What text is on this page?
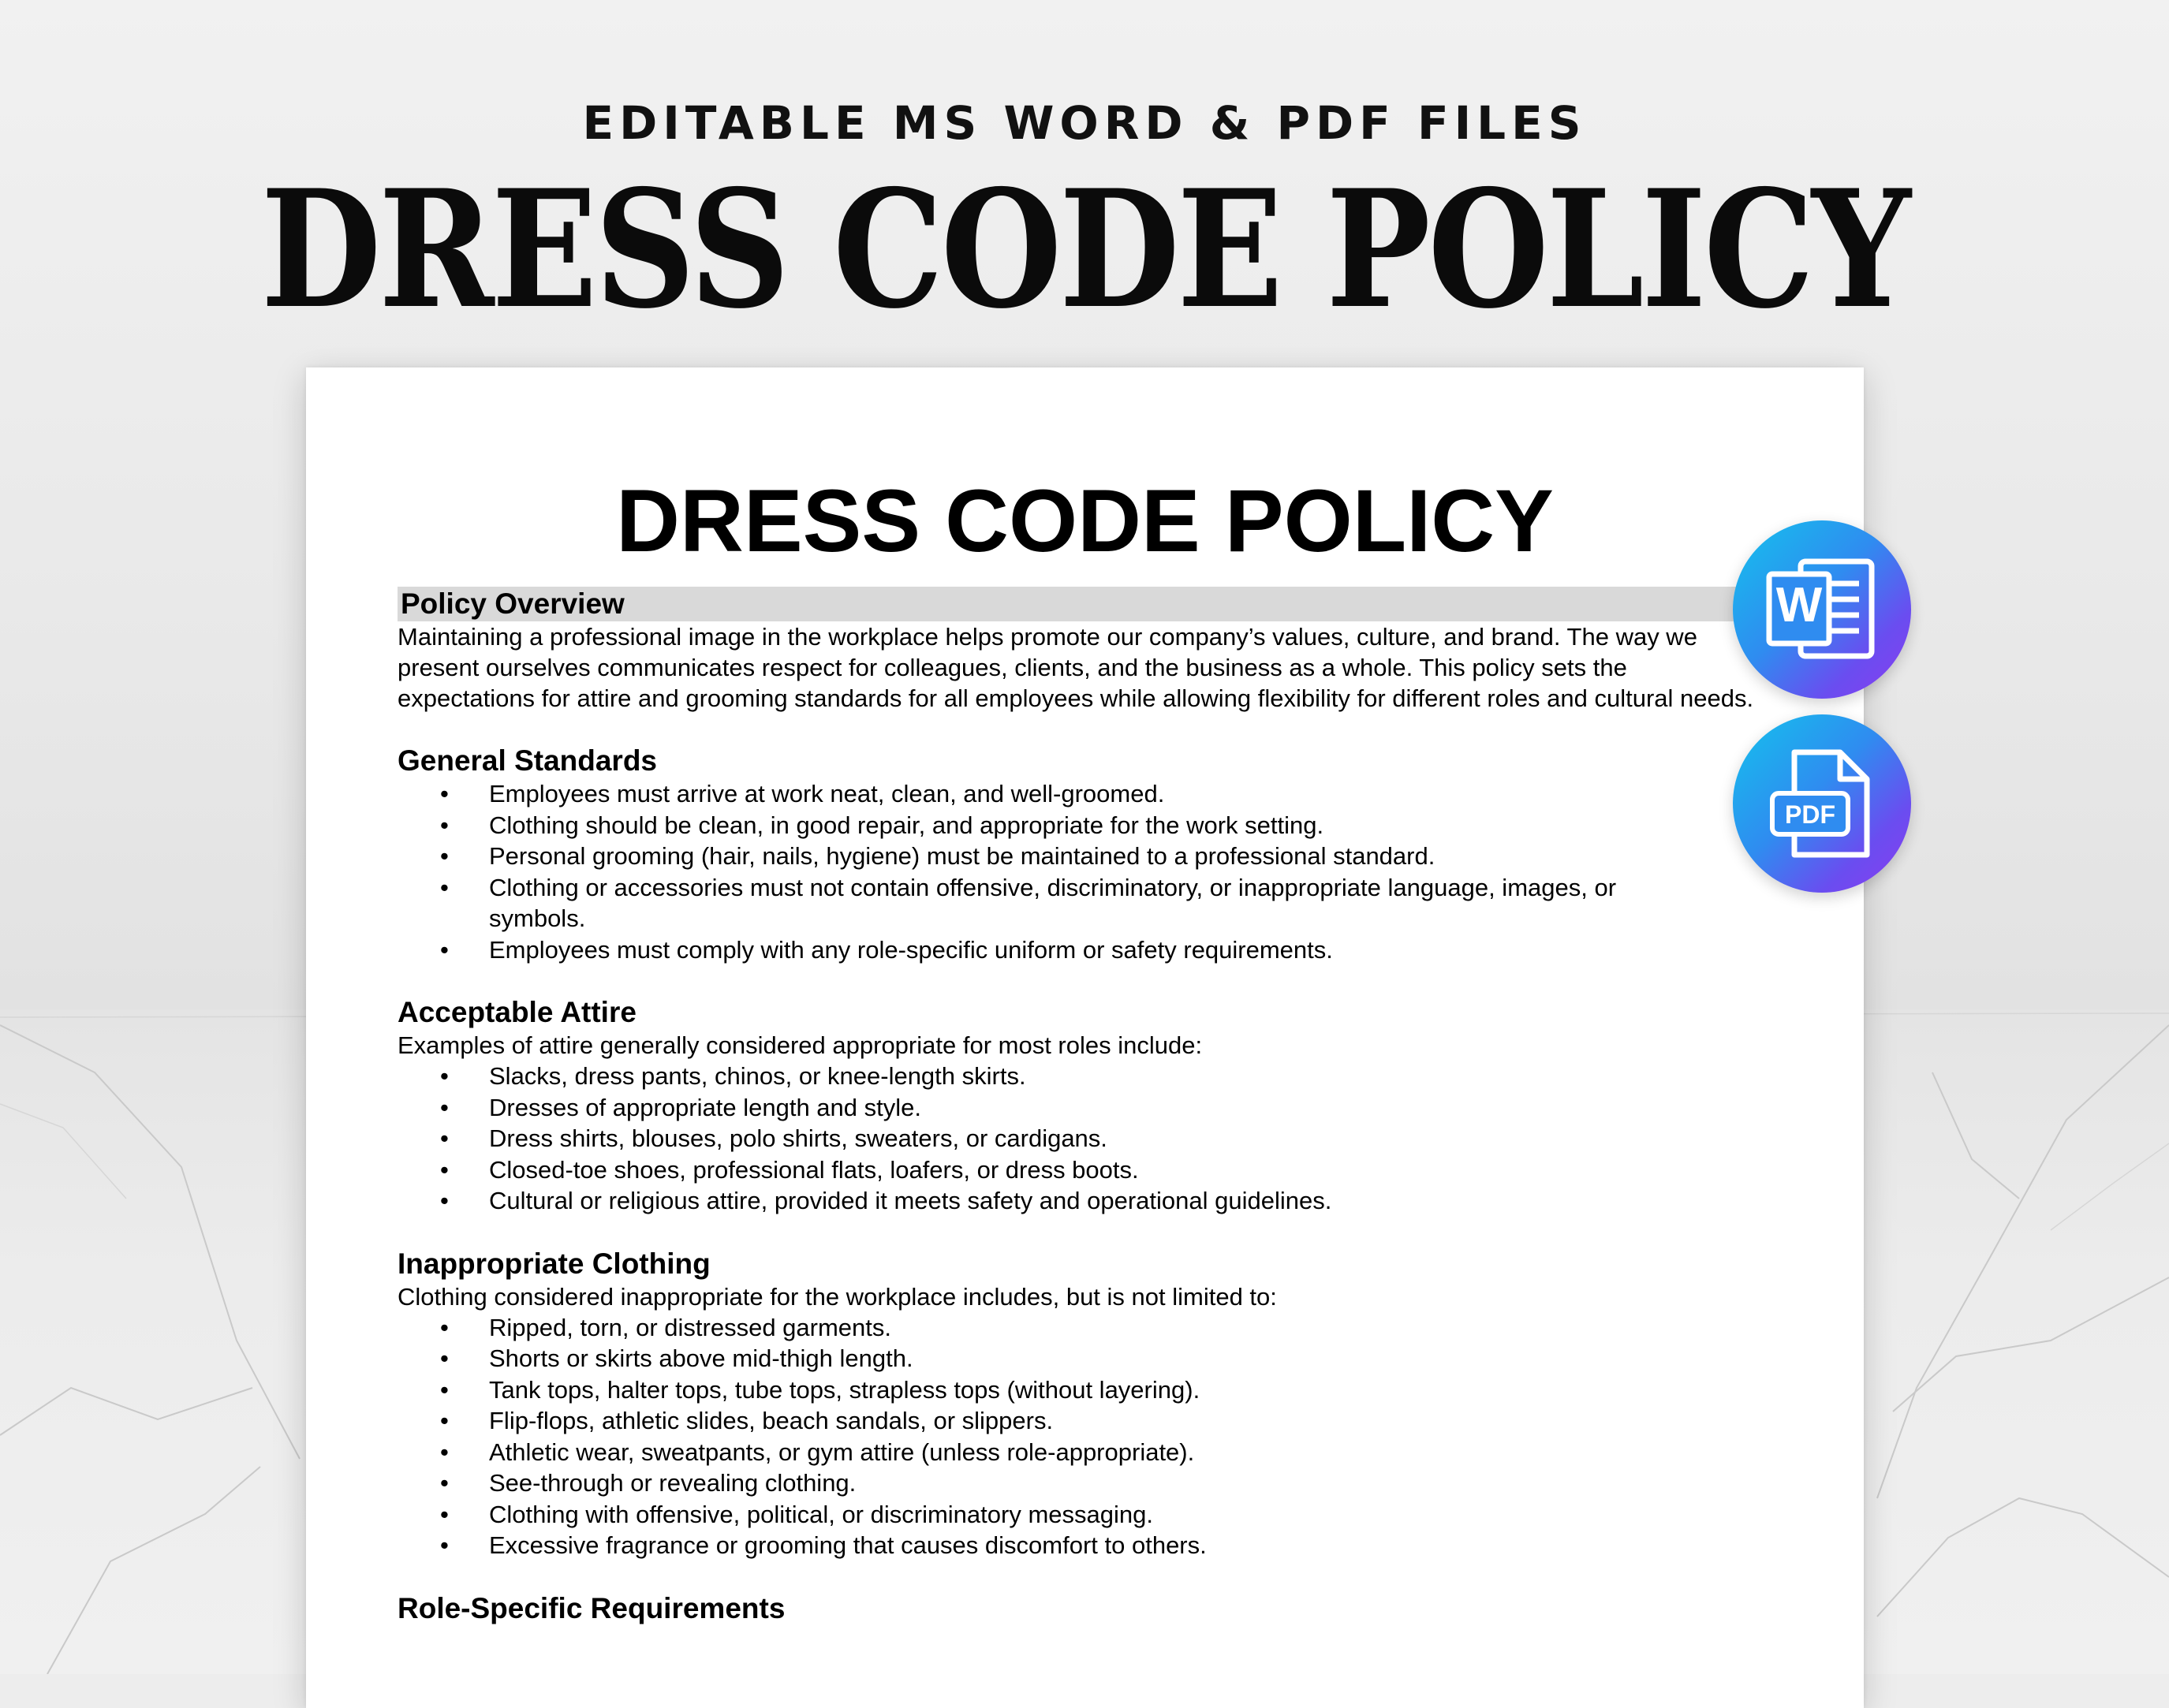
EDITABLE MS WORD & PDF FILES
DRESS CODE POLICY
DRESS CODE POLICY
Policy Overview
Maintaining a professional image in the workplace helps promote our company’s values, culture, and brand. The way we present ourselves communicates respect for colleagues, clients, and the business as a whole. This policy sets the expectations for attire and grooming standards for all employees while allowing flexibility for different roles and cultural needs.
General Standards
• Employees must arrive at work neat, clean, and well-groomed.
• Clothing should be clean, in good repair, and appropriate for the work setting.
• Personal grooming (hair, nails, hygiene) must be maintained to a professional standard.
• Clothing or accessories must not contain offensive, discriminatory, or inappropriate language, images, or symbols.
• Employees must comply with any role-specific uniform or safety requirements.
Acceptable Attire
Examples of attire generally considered appropriate for most roles include:
• Slacks, dress pants, chinos, or knee-length skirts.
• Dresses of appropriate length and style.
• Dress shirts, blouses, polo shirts, sweaters, or cardigans.
• Closed-toe shoes, professional flats, loafers, or dress boots.
• Cultural or religious attire, provided it meets safety and operational guidelines.
Inappropriate Clothing
Clothing considered inappropriate for the workplace includes, but is not limited to:
• Ripped, torn, or distressed garments.
• Shorts or skirts above mid-thigh length.
• Tank tops, halter tops, tube tops, strapless tops (without layering).
• Flip-flops, athletic slides, beach sandals, or slippers.
• Athletic wear, sweatpants, or gym attire (unless role-appropriate).
• See-through or revealing clothing.
• Clothing with offensive, political, or discriminatory messaging.
• Excessive fragrance or grooming that causes discomfort to others.
Role-Specific Requirements
W
PDF
